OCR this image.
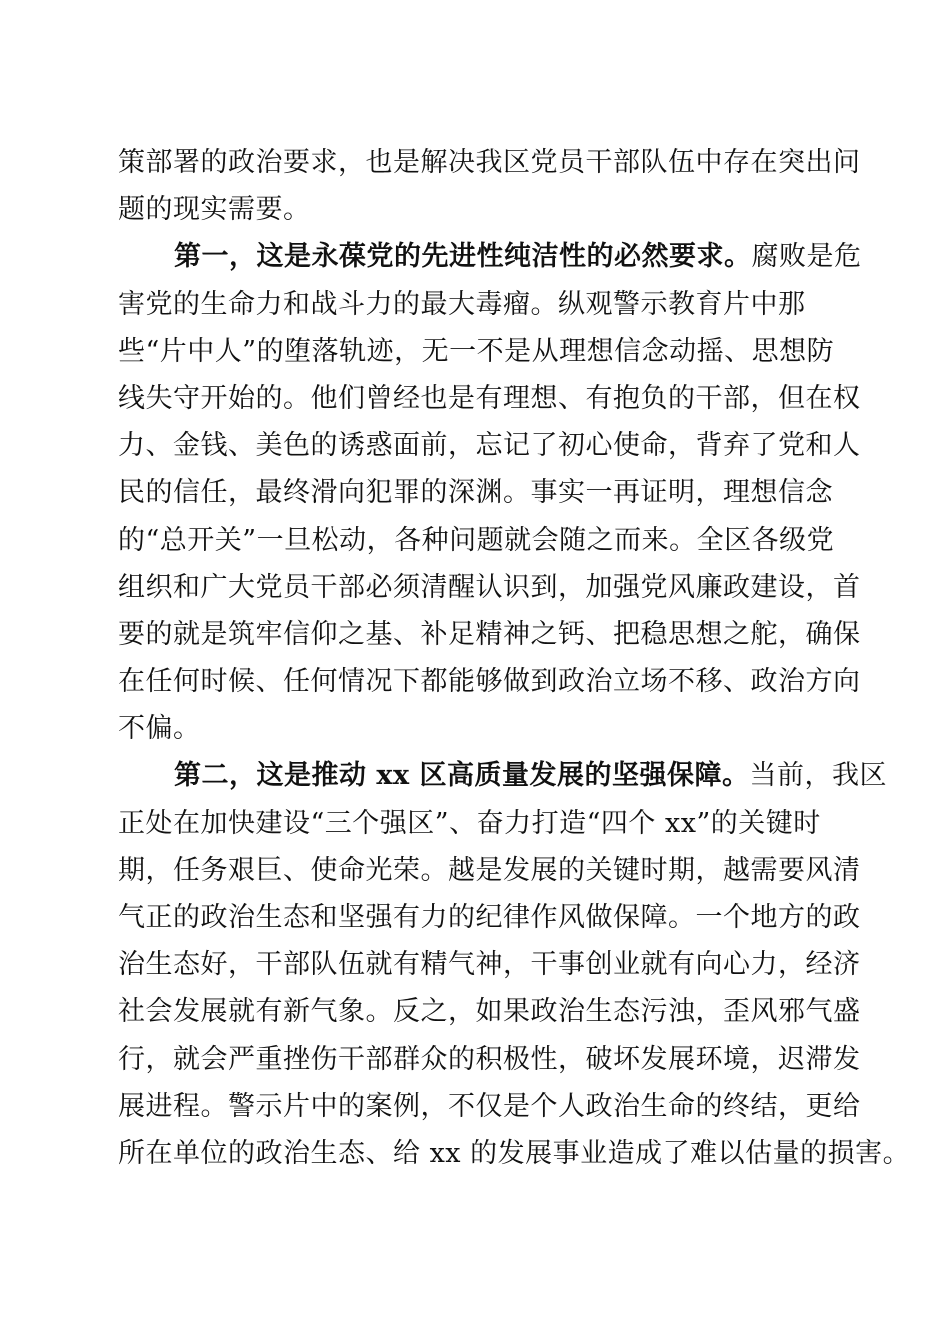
策部署的政治要求，也是解决我区党员干部队伍中存在突出问
题的现实需要。

第一，这是永葆党的先进性纯洁性的必然要求。腐败是危
害党的生命力和战斗力的最大毒瘤。纵观警示教育片中那
些“片中人”的堕落轨迹，无一不是从理想信念动摇、思想防
线失守开始的。他们曾经也是有理想、有抱负的干部，但在权
力、金钱、美色的诱惑面前，忘记了初心使命，背弃了党和人
民的信任，最终滑向犯罪的深渊。事实一再证明，理想信念
的“总开关”一旦松动，各种问题就会随之而来。全区各级党
组织和广大党员干部必须清醒认识到，加强党风廉政建设，首
要的就是筑牢信仰之基、补足精神之钙、把稳思想之舵，确保
在任何时候、任何情况下都能够做到政治立场不移、政治方向
不偏。

第二，这是推动 xx 区高质量发展的坚强保障。当前，我区
正处在加快建设“三个强区”、奋力打造“四个 xx”的关键时
期，任务艰巨、使命光荣。越是发展的关键时期，越需要风清
气正的政治生态和坚强有力的纪律作风做保障。一个地方的政
治生态好，干部队伍就有精气神，干事创业就有向心力，经济
社会发展就有新气象。反之，如果政治生态污浊，歪风邪气盛
行，就会严重挫伤干部群众的积极性，破坏发展环境，迟滞发
展进程。警示片中的案例，不仅是个人政治生命的终结，更给
所在单位的政治生态、给 xx 的发展事业造成了难以估量的损害。
